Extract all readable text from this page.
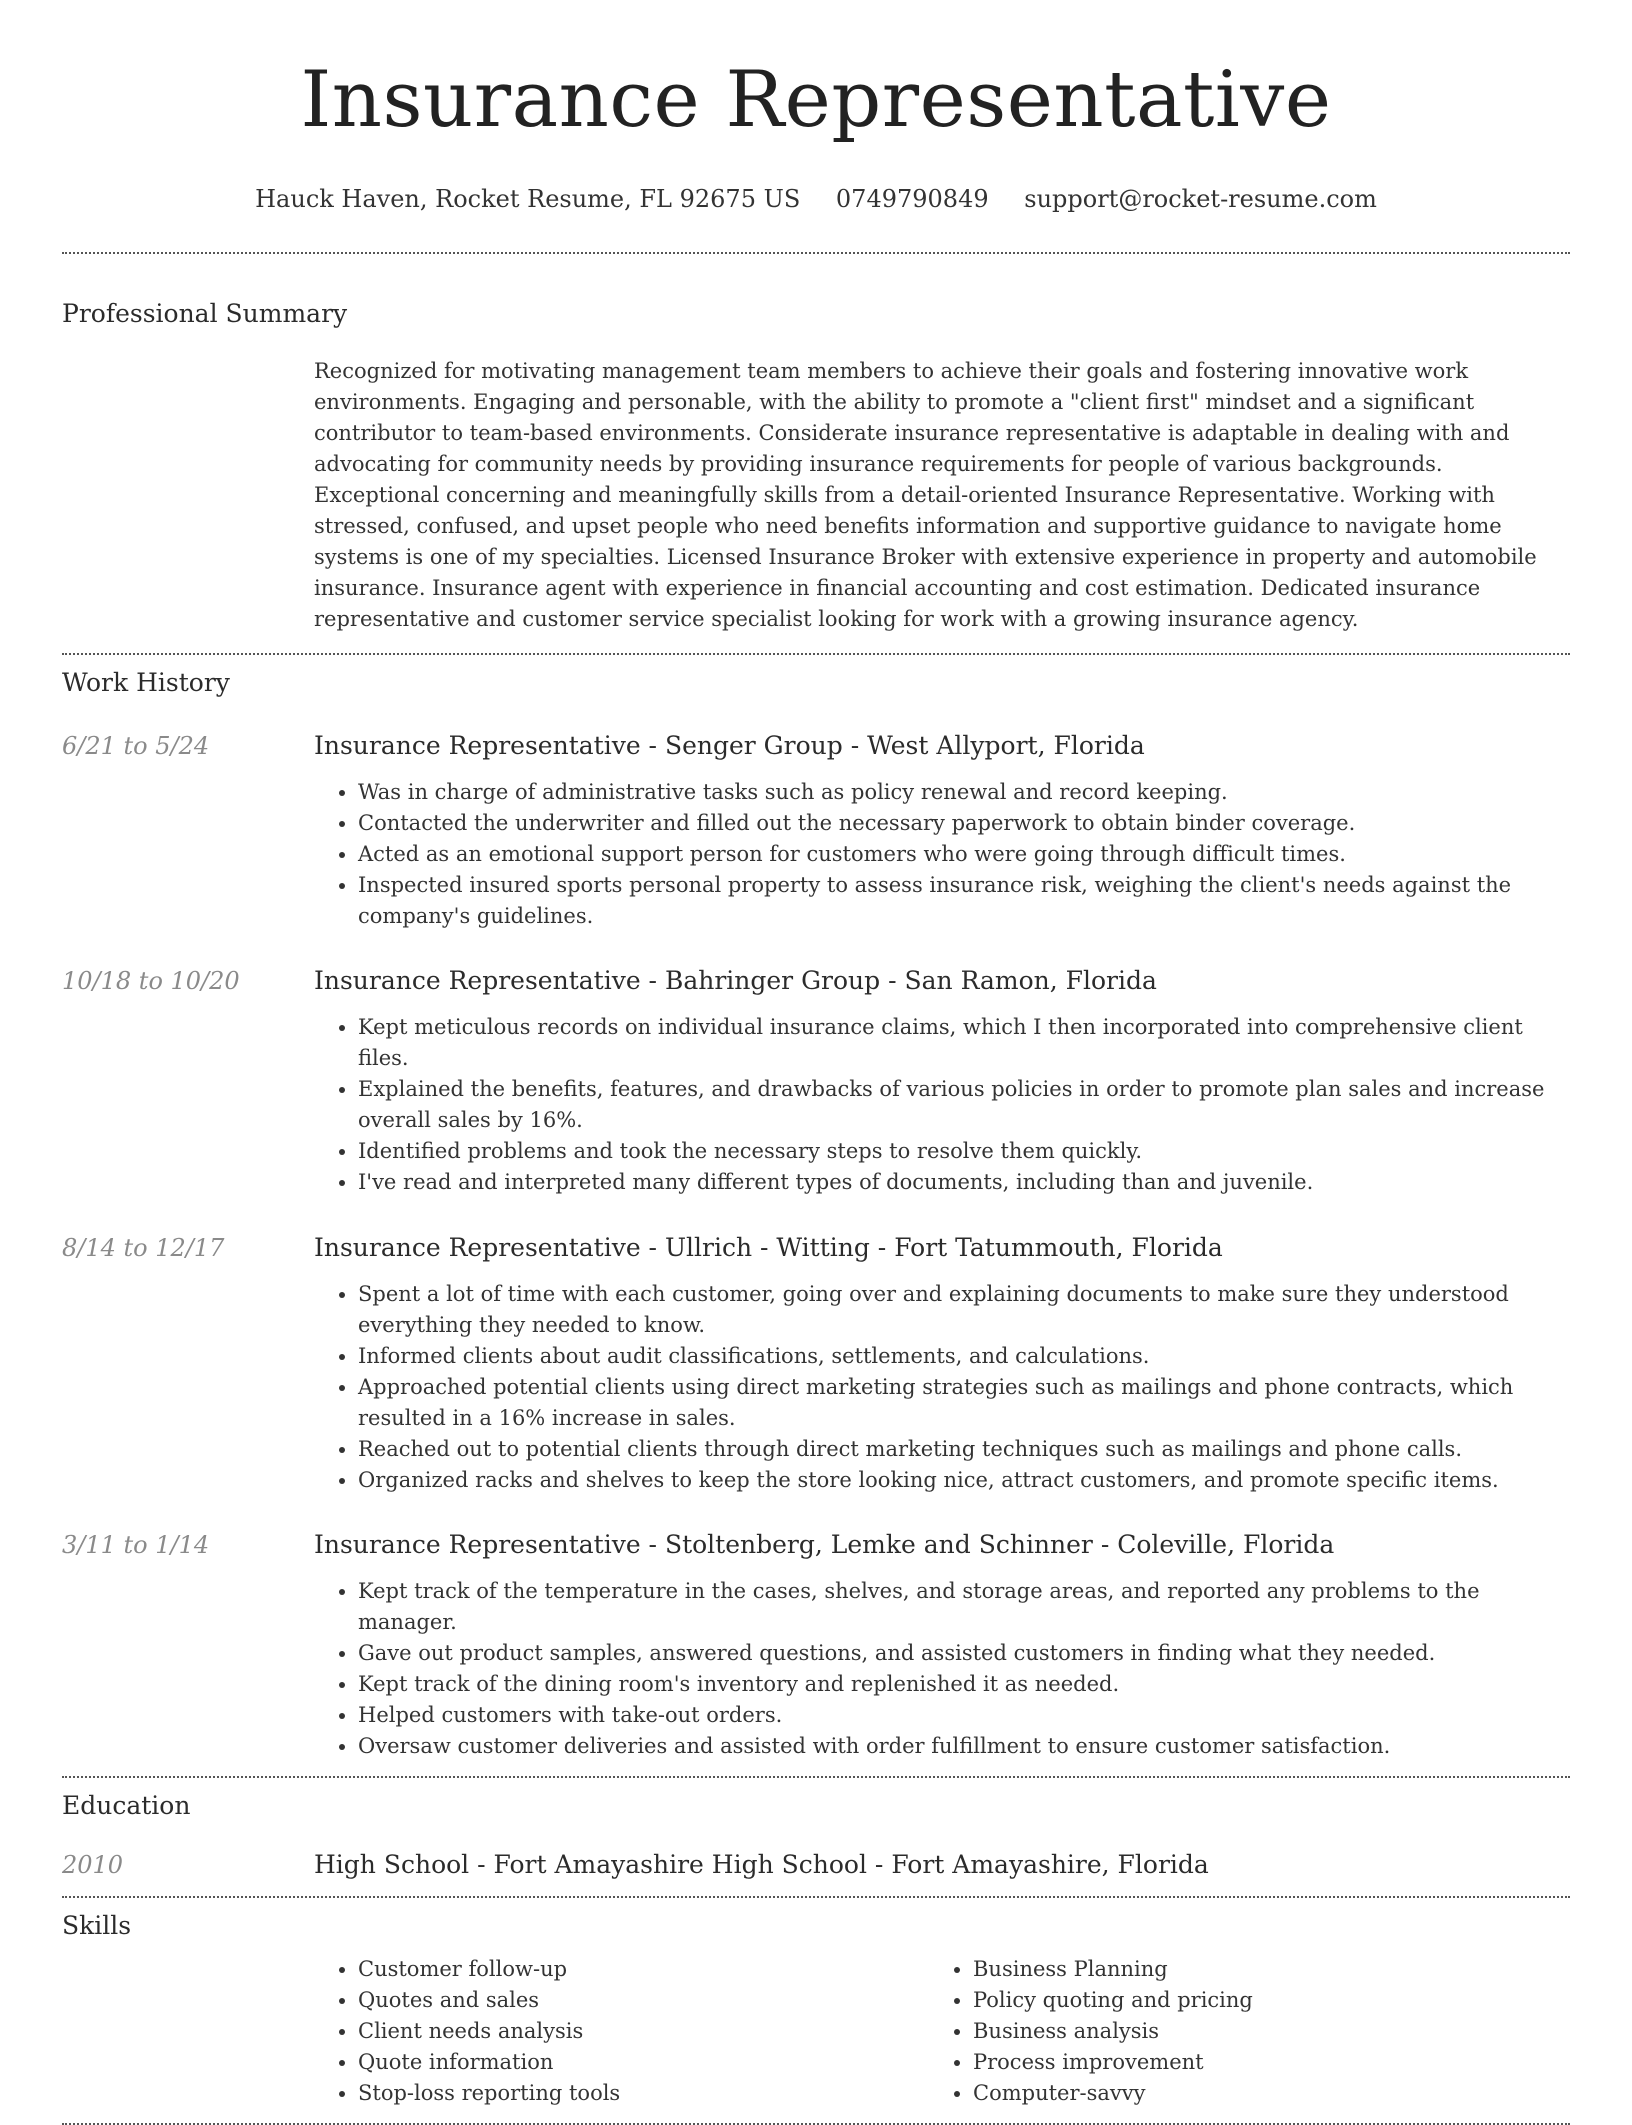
Insurance Representative
Hauck Haven, Rocket Resume, FL 92675 US 0749790849 support@rocket-resume.com
Professional Summary
Recognized for motivating management team members to achieve their goals and fostering innovative work environments. Engaging and personable, with the ability to promote a "client first" mindset and a significant contributor to team-based environments. Considerate insurance representative is adaptable in dealing with and advocating for community needs by providing insurance requirements for people of various backgrounds. Exceptional concerning and meaningfully skills from a detail-oriented Insurance Representative. Working with stressed, confused, and upset people who need benefits information and supportive guidance to navigate home systems is one of my specialties. Licensed Insurance Broker with extensive experience in property and automobile insurance. Insurance agent with experience in financial accounting and cost estimation. Dedicated insurance representative and customer service specialist looking for work with a growing insurance agency.
Work History
6/21 to 5/24	Insurance Representative - Senger Group - West Allyport, Florida
• Was in charge of administrative tasks such as policy renewal and record keeping.
• Contacted the underwriter and filled out the necessary paperwork to obtain binder coverage.
• Acted as an emotional support person for customers who were going through difficult times.
• Inspected insured sports personal property to assess insurance risk, weighing the client's needs against the company's guidelines.
10/18 to 10/20	Insurance Representative - Bahringer Group - San Ramon, Florida
• Kept meticulous records on individual insurance claims, which I then incorporated into comprehensive client files.
• Explained the benefits, features, and drawbacks of various policies in order to promote plan sales and increase overall sales by 16%.
• Identified problems and took the necessary steps to resolve them quickly.
• I've read and interpreted many different types of documents, including than and juvenile.
8/14 to 12/17	Insurance Representative - Ullrich - Witting - Fort Tatummouth, Florida
• Spent a lot of time with each customer, going over and explaining documents to make sure they understood everything they needed to know.
• Informed clients about audit classifications, settlements, and calculations.
• Approached potential clients using direct marketing strategies such as mailings and phone contracts, which resulted in a 16% increase in sales.
• Reached out to potential clients through direct marketing techniques such as mailings and phone calls.
• Organized racks and shelves to keep the store looking nice, attract customers, and promote specific items.
3/11 to 1/14	Insurance Representative - Stoltenberg, Lemke and Schinner - Coleville, Florida
• Kept track of the temperature in the cases, shelves, and storage areas, and reported any problems to the manager.
• Gave out product samples, answered questions, and assisted customers in finding what they needed.
• Kept track of the dining room's inventory and replenished it as needed.
• Helped customers with take-out orders.
• Oversaw customer deliveries and assisted with order fulfillment to ensure customer satisfaction.
Education
2010	High School - Fort Amayashire High School - Fort Amayashire, Florida
Skills
• Customer follow-up
• Quotes and sales
• Client needs analysis
• Quote information
• Stop-loss reporting tools
• Business Planning
• Policy quoting and pricing
• Business analysis
• Process improvement
• Computer-savvy
